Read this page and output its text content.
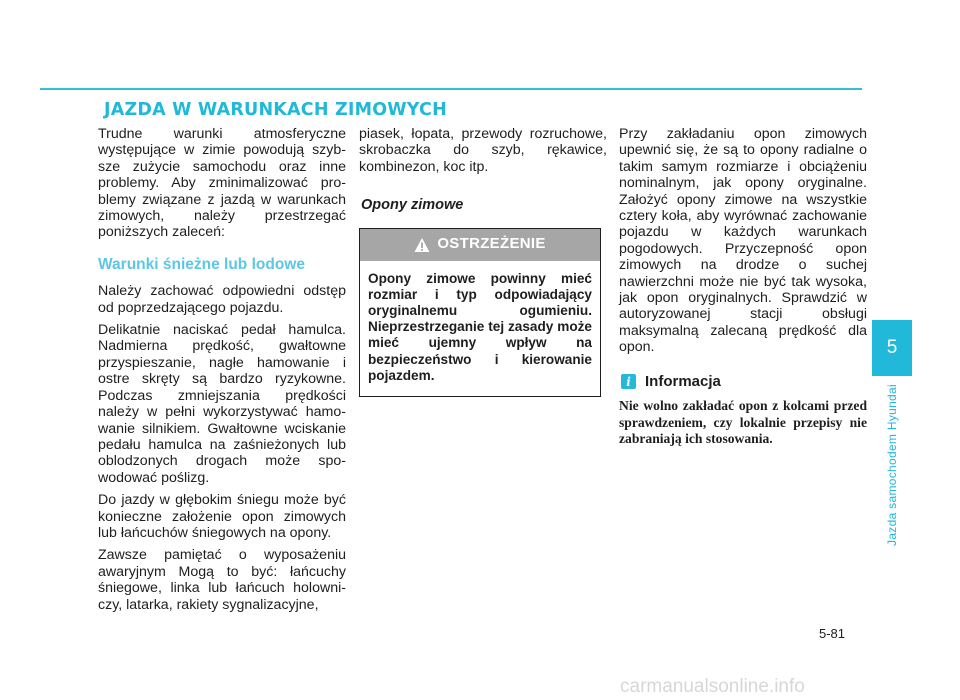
JAZDA W WARUNKACH ZIMOWYCH

Trudne warunki atmosferyczne występujące w zimie powodują szybsze zużycie samochodu oraz inne problemy. Aby zminimalizować problemy związane z jazdą w warunkach zimowych, należy przestrzegać poniższych zaleceń:

Warunki śnieżne lub lodowe

Należy zachować odpowiedni odstęp od poprzedzającego pojazdu.

Delikatnie naciskać pedał hamulca. Nadmierna prędkość, gwałtowne przyspieszanie, nagłe hamowanie i ostre skręty są bardzo ryzykowne. Podczas zmniejszania prędkości należy w pełni wykorzystywać hamowanie silnikiem. Gwałtowne wciskanie pedału hamulca na zaśnieżonych lub oblodzonych drogach może spowodować poślizg.

Do jazdy w głębokim śniegu może być konieczne założenie opon zimowych lub łańcuchów śniegowych na opony.

Zawsze pamiętać o wyposażeniu awaryjnym Mogą to być: łańcuchy śniegowe, linka lub łańcuch holowniczy, latarka, rakiety sygnalizacyjne,

piasek, łopata, przewody rozruchowe, skrobaczka do szyb, rękawice, kombinezon, koc itp.

Opony zimowe
OSTRZEŻENIE
Opony zimowe powinny mieć rozmiar i typ odpowiadający oryginalnemu ogumieniu. Nieprzestrzeganie tej zasady może mieć ujemny wpływ na bezpieczeństwo i kierowanie pojazdem.

Przy zakładaniu opon zimowych upewnić się, że są to opony radialne o takim samym rozmiarze i obciążeniu nominalnym, jak opony oryginalne. Założyć opony zimowe na wszystkie cztery koła, aby wyrównać zachowanie pojazdu w każdych warunkach pogodowych. Przyczepność opon zimowych na drodze o suchej nawierzchni może nie być tak wysoka, jak opon oryginalnych. Sprawdzić w autoryzowanej stacji obsługi maksymalną zalecaną prędkość dla opon.

i Informacja

Nie wolno zakładać opon z kolcami przed sprawdzeniem, czy lokalnie przepisy nie zabraniają ich stosowania.

5
Jazda samochodem Hyundai
5-81
carmanualsonline.info
